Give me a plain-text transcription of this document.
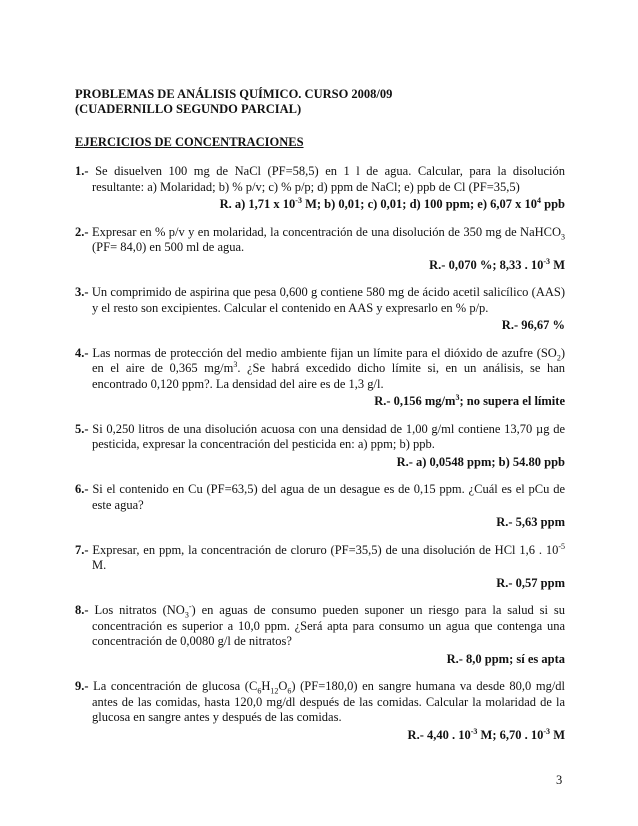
PROBLEMAS DE ANÁLISIS QUÍMICO. CURSO 2008/09
(CUADERNILLO SEGUNDO PARCIAL)

EJERCICIOS DE CONCENTRACIONES
1.- Se disuelven 100 mg de NaCl (PF=58,5) en 1 l de agua. Calcular, para la disolución resultante: a) Molaridad; b) % p/v; c) % p/p; d) ppm de NaCl; e) ppb de Cl (PF=35,5)
R. a) 1,71 x $10^{-3}$ M; b) 0,01; c) 0,01; d) 100 ppm; e) 6,07 x $10^4$ ppb
2.- Expresar en % p/v y en molaridad, la concentración de una disolución de 350 mg de NaHCO$_3$ (PF= 84,0) en 500 ml de agua.
R.- 0,070 %; 8,33 . $10^{-3}$ M
3.- Un comprimido de aspirina que pesa 0,600 g contiene 580 mg de ácido acetil salicílico (AAS) y el resto son excipientes. Calcular el contenido en AAS y expresarlo en % p/p.
R.- 96,67 %
4.- Las normas de protección del medio ambiente fijan un límite para el dióxido de azufre $(SO_2)$ en el aire de 0,365 $mg/m^3$. ¿Se habrá excedido dicho límite si, en un análisis, se han encontrado 0,120 ppm?. La densidad del aire es de 1,3 g/l.
R.- 0,156 $mg/m^3$; no supera el límite
5.- Si 0,250 litros de una disolución acuosa con una densidad de 1,00 g/ml contiene 13,70 µg de pesticida, expresar la concentración del pesticida en: a) ppm; b) ppb.
R.- a) 0,0548 ppm; b) 54.80 ppb
6.- Si el contenido en Cu (PF=63,5) del agua de un desague es de 0,15 ppm. ¿Cuál es el pCu de este agua?
R.- 5,63 ppm
7.- Expresar, en ppm, la concentración de cloruro (PF=35,5) de una disolución de HCl 1,6 . $10^{-5}$ M.
R.- 0,57 ppm
8.- Los nitratos $(NO_3^-)$ en aguas de consumo pueden suponer un riesgo para la salud si su concentración es superior a 10,0 ppm. ¿Será apta para consumo un agua que contenga una concentración de 0,0080 g/l de nitratos?
R.- 8,0 ppm; sí es apta
9.- La concentración de glucosa $(C_6H_{12}O_6)$ (PF=180,0) en sangre humana va desde 80,0 mg/dl antes de las comidas, hasta 120,0 mg/dl después de las comidas. Calcular la molaridad de la glucosa en sangre antes y después de las comidas.
R.- 4,40 . $10^{-3}$ M; 6,70 . $10^{-3}$ M
3
